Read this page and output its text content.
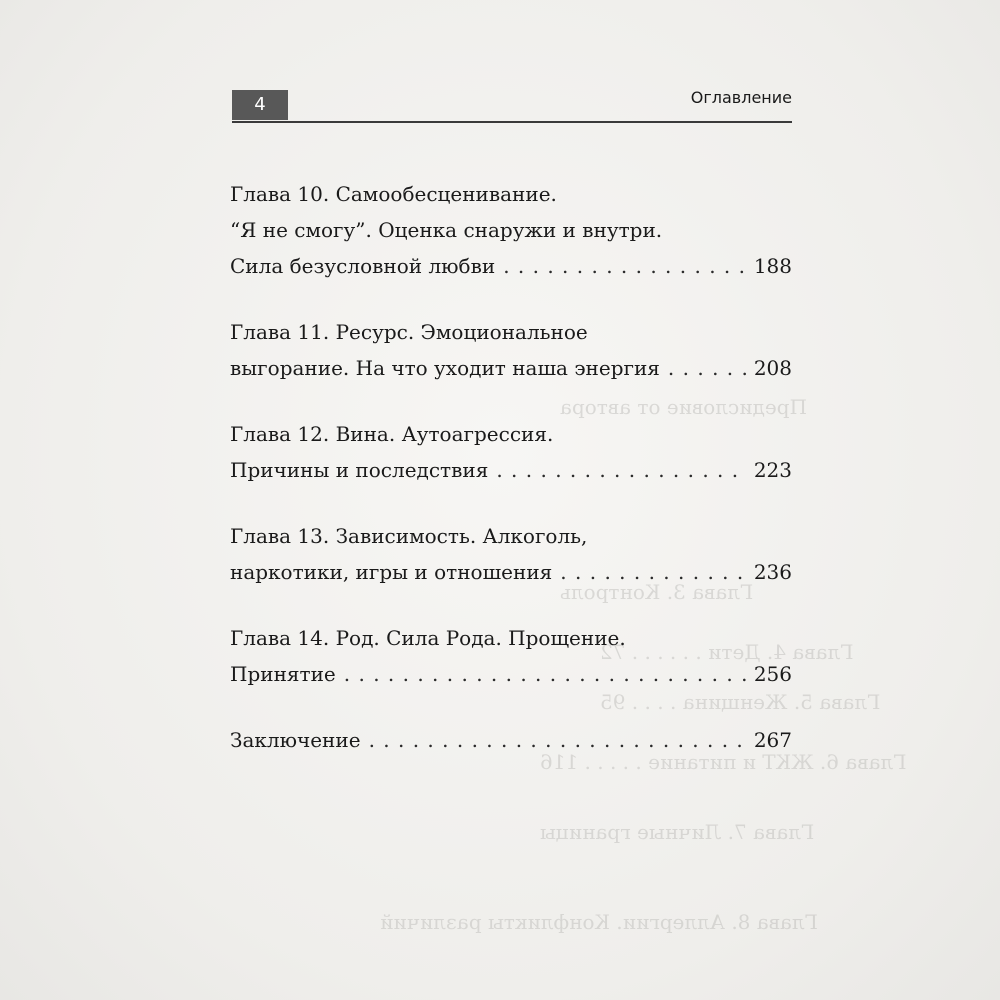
Предисловие от автора
Глава 3. Контроль
Глава 4. Дети . . . . . . 72
Глава 5. Женщина . . . . 95
Глава 6. ЖКТ и питание . . . . . 116
Глава 7. Личные границы
Глава 8. Аллергии. Конфликты различий
4	Оглавление
Глава 10. Самообесценивание.
“Я не смогу”. Оценка снаружи и внутри.
Сила безусловной любви . . .	188
Глава 11. Ресурс. Эмоциональное
выгорание. На что уходит наша энергия . . .	208
Глава 12. Вина. Аутоагрессия.
Причины и последствия . . .	223
Глава 13. Зависимость. Алкоголь,
наркотики, игры и отношения . . .	236
Глава 14. Род. Сила Рода. Прощение.
Принятие . . .	256
Заключение . . .	267
